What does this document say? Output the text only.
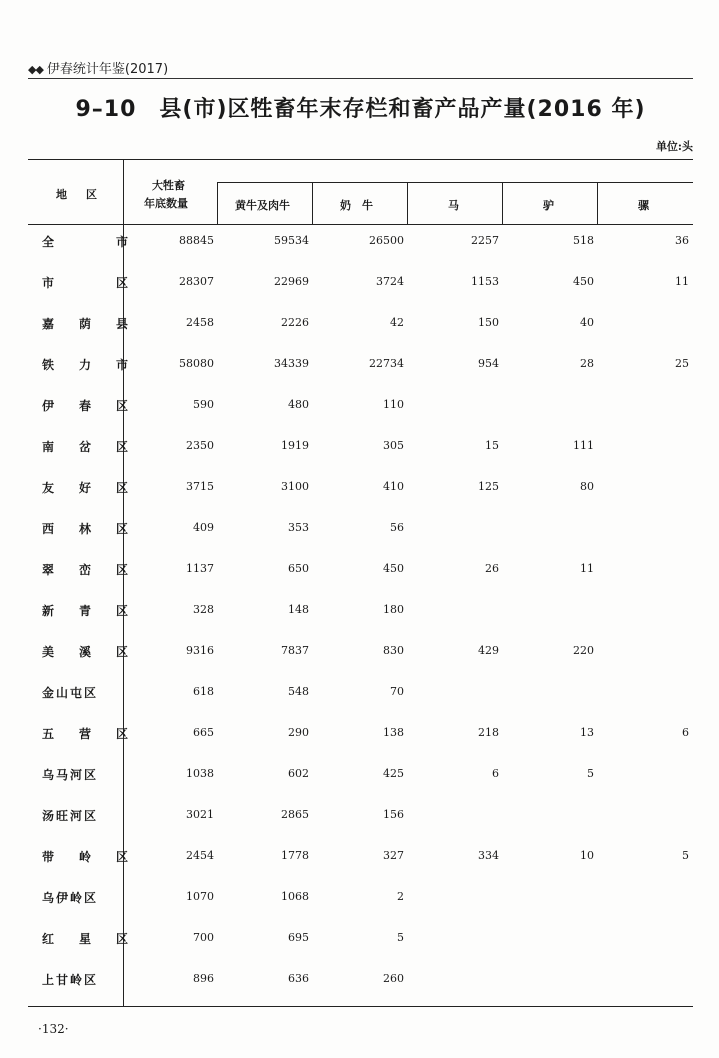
◆◆ 伊春统计年鉴(2017)
9–10　县(市)区牲畜年末存栏和畜产品产量(2016 年)
单位:头
地　区
大牲畜
年底数量	黄牛及肉牛	奶　牛	马	驴	骡
全	市	88845	59534	26500	2257	518	36
市	区	28307	22969	3724	1153	450	11
嘉 荫 县	2458	2226	42	150	40
铁 力 市	58080	34339	22734	954	28	25
伊 春 区	590	480	110
南 岔 区	2350	1919	305	15	111
友 好 区	3715	3100	410	125	80
西 林 区	409	353	56
翠 峦 区	1137	650	450	26	11
新 青 区	328	148	180
美 溪 区	9316	7837	830	429	220
金山屯区	618	548	70
五 营 区	665	290	138	218	13	6
乌马河区	1038	602	425	6	5
汤旺河区	3021	2865	156
带 岭 区	2454	1778	327	334	10	5
乌伊岭区	1070	1068	2
红 星 区	700	695	5
上甘岭区	896	636	260
·132·
